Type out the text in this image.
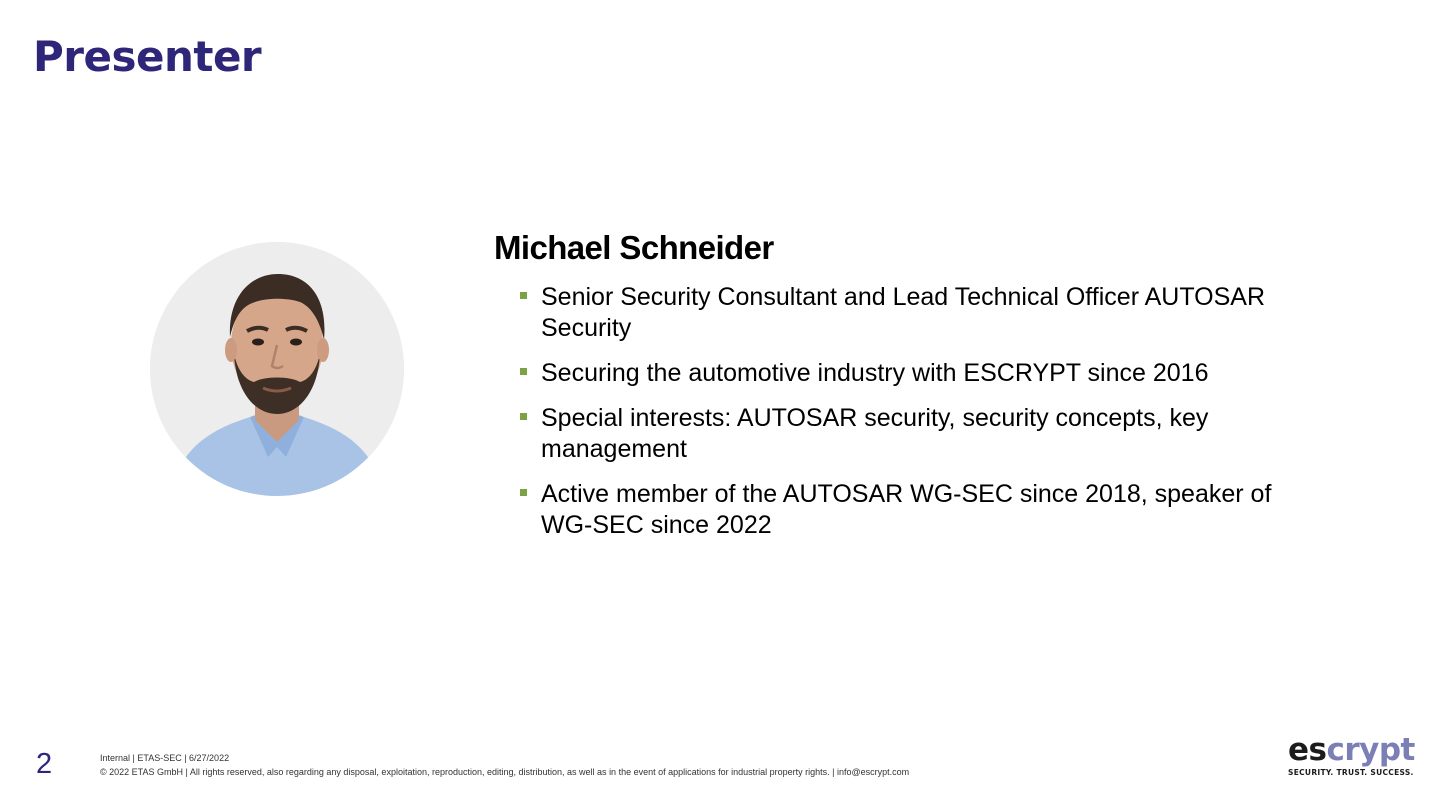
Presenter
Michael Schneider
Senior Security Consultant and Lead Technical Officer AUTOSAR Security
Securing the automotive industry with ESCRYPT since 2016
Special interests: AUTOSAR security, security concepts, key management
Active member of the AUTOSAR WG-SEC since 2018, speaker of WG-SEC since 2022
2	Internal | ETAS-SEC | 6/27/2022
© 2022 ETAS GmbH | All rights reserved, also regarding any disposal, exploitation, reproduction, editing, distribution, as well as in the event of applications for industrial property rights. | info@escrypt.com
escrypt
SECURITY. TRUST. SUCCESS.
